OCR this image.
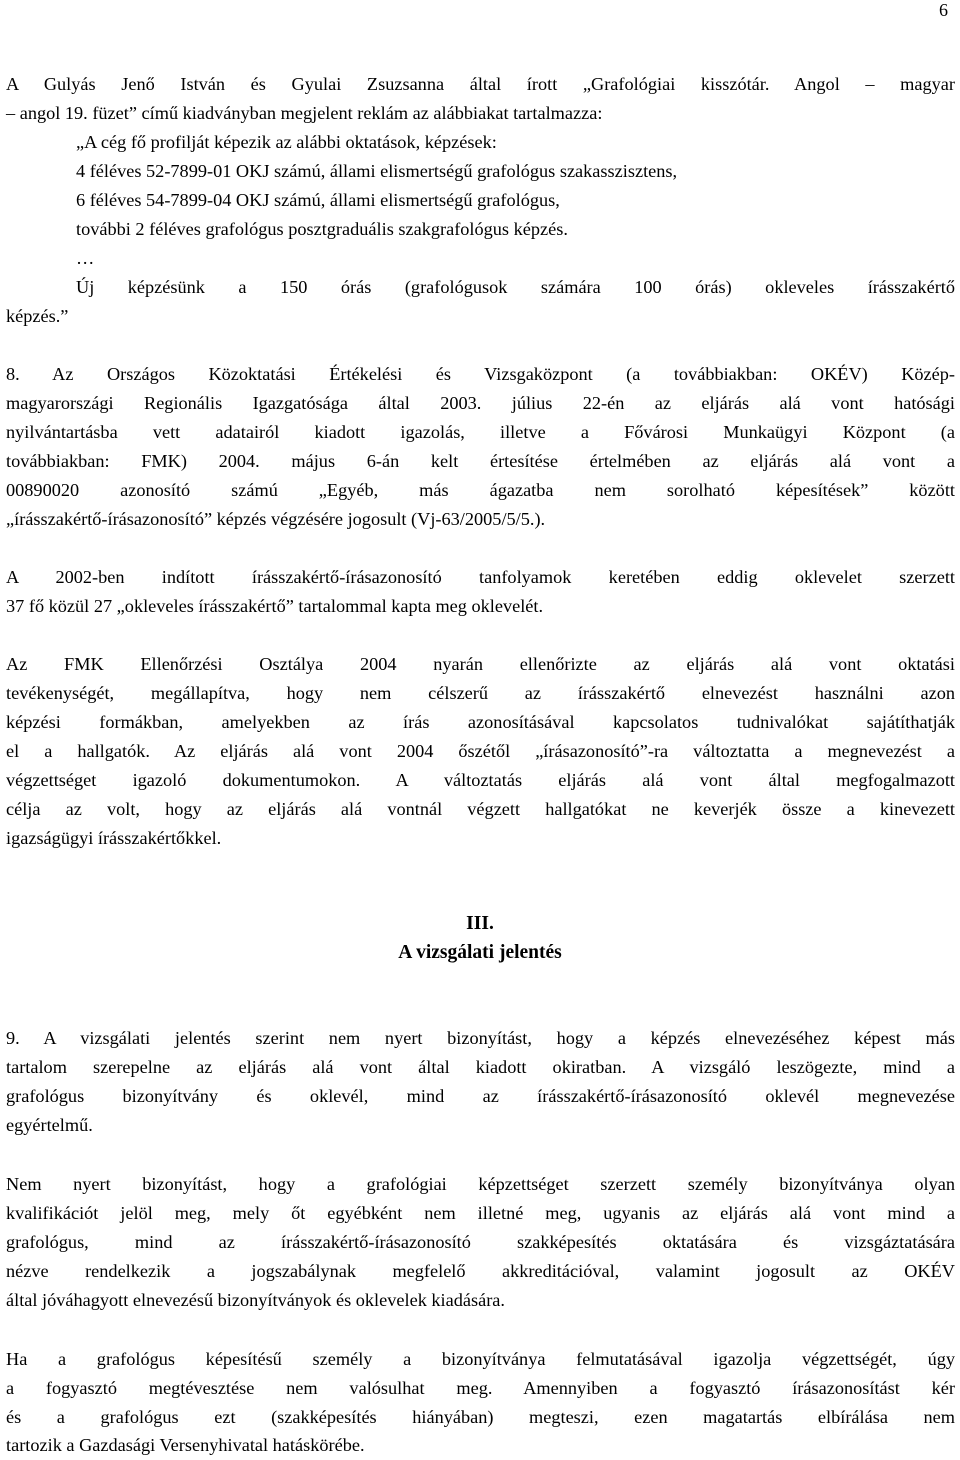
6
A Gulyás Jenő István és Gyulai Zsuzsanna által írott „Grafológiai kisszótár. Angol – magyar
– angol 19. füzet” című kiadványban megjelent reklám az alábbiakat tartalmazza:
„A cég fő profilját képezik az alábbi oktatások, képzések:
4 féléves 52-7899-01 OKJ számú, állami elismertségű grafológus szakasszisztens,
6 féléves 54-7899-04 OKJ számú, állami elismertségű grafológus,
további 2 féléves grafológus posztgraduális szakgrafológus képzés.
…
Új képzésünk a 150 órás (grafológusok számára 100 órás) okleveles írásszakértő
képzés.”
8. Az Országos Közoktatási Értékelési és Vizsgaközpont (a továbbiakban: OKÉV) Közép-
magyarországi Regionális Igazgatósága által 2003. július 22-én az eljárás alá vont hatósági
nyilvántartásba vett adatairól kiadott igazolás, illetve a Fővárosi Munkaügyi Központ (a
továbbiakban: FMK) 2004. május 6-án kelt értesítése értelmében az eljárás alá vont a
00890020 azonosító számú „Egyéb, más ágazatba nem sorolható képesítések” között
„írásszakértő-írásazonosító” képzés végzésére jogosult (Vj-63/2005/5/5.).
A 2002-ben indított írásszakértő-írásazonosító tanfolyamok keretében eddig oklevelet szerzett
37 fő közül 27 „okleveles írásszakértő” tartalommal kapta meg oklevelét.
Az FMK Ellenőrzési Osztálya 2004 nyarán ellenőrizte az eljárás alá vont oktatási
tevékenységét, megállapítva, hogy nem célszerű az írásszakértő elnevezést használni azon
képzési formákban, amelyekben az írás azonosításával kapcsolatos tudnivalókat sajátíthatják
el a hallgatók. Az eljárás alá vont 2004 őszétől „írásazonosító”-ra változtatta a megnevezést a
végzettséget igazoló dokumentumokon. A változtatás eljárás alá vont által megfogalmazott
célja az volt, hogy az eljárás alá vontnál végzett hallgatókat ne keverjék össze a kinevezett
igazságügyi írásszakértőkkel.
III.
A vizsgálati jelentés
9. A vizsgálati jelentés szerint nem nyert bizonyítást, hogy a képzés elnevezéséhez képest más
tartalom szerepelne az eljárás alá vont által kiadott okiratban. A vizsgáló leszögezte, mind a
grafológus bizonyítvány és oklevél, mind az írásszakértő-írásazonosító oklevél megnevezése
egyértelmű.
Nem nyert bizonyítást, hogy a grafológiai képzettséget szerzett személy bizonyítványa olyan
kvalifikációt jelöl meg, mely őt egyébként nem illetné meg, ugyanis az eljárás alá vont mind a
grafológus, mind az írásszakértő-írásazonosító szakképesítés oktatására és vizsgáztatására
nézve rendelkezik a jogszabálynak megfelelő akkreditációval, valamint jogosult az OKÉV
által jóváhagyott elnevezésű bizonyítványok és oklevelek kiadására.
Ha a grafológus képesítésű személy a bizonyítványa felmutatásával igazolja végzettségét, úgy
a fogyasztó megtévesztése nem valósulhat meg. Amennyiben a fogyasztó írásazonosítást kér
és a grafológus ezt (szakképesítés hiányában) megteszi, ezen magatartás elbírálása nem
tartozik a Gazdasági Versenyhivatal hatáskörébe.
